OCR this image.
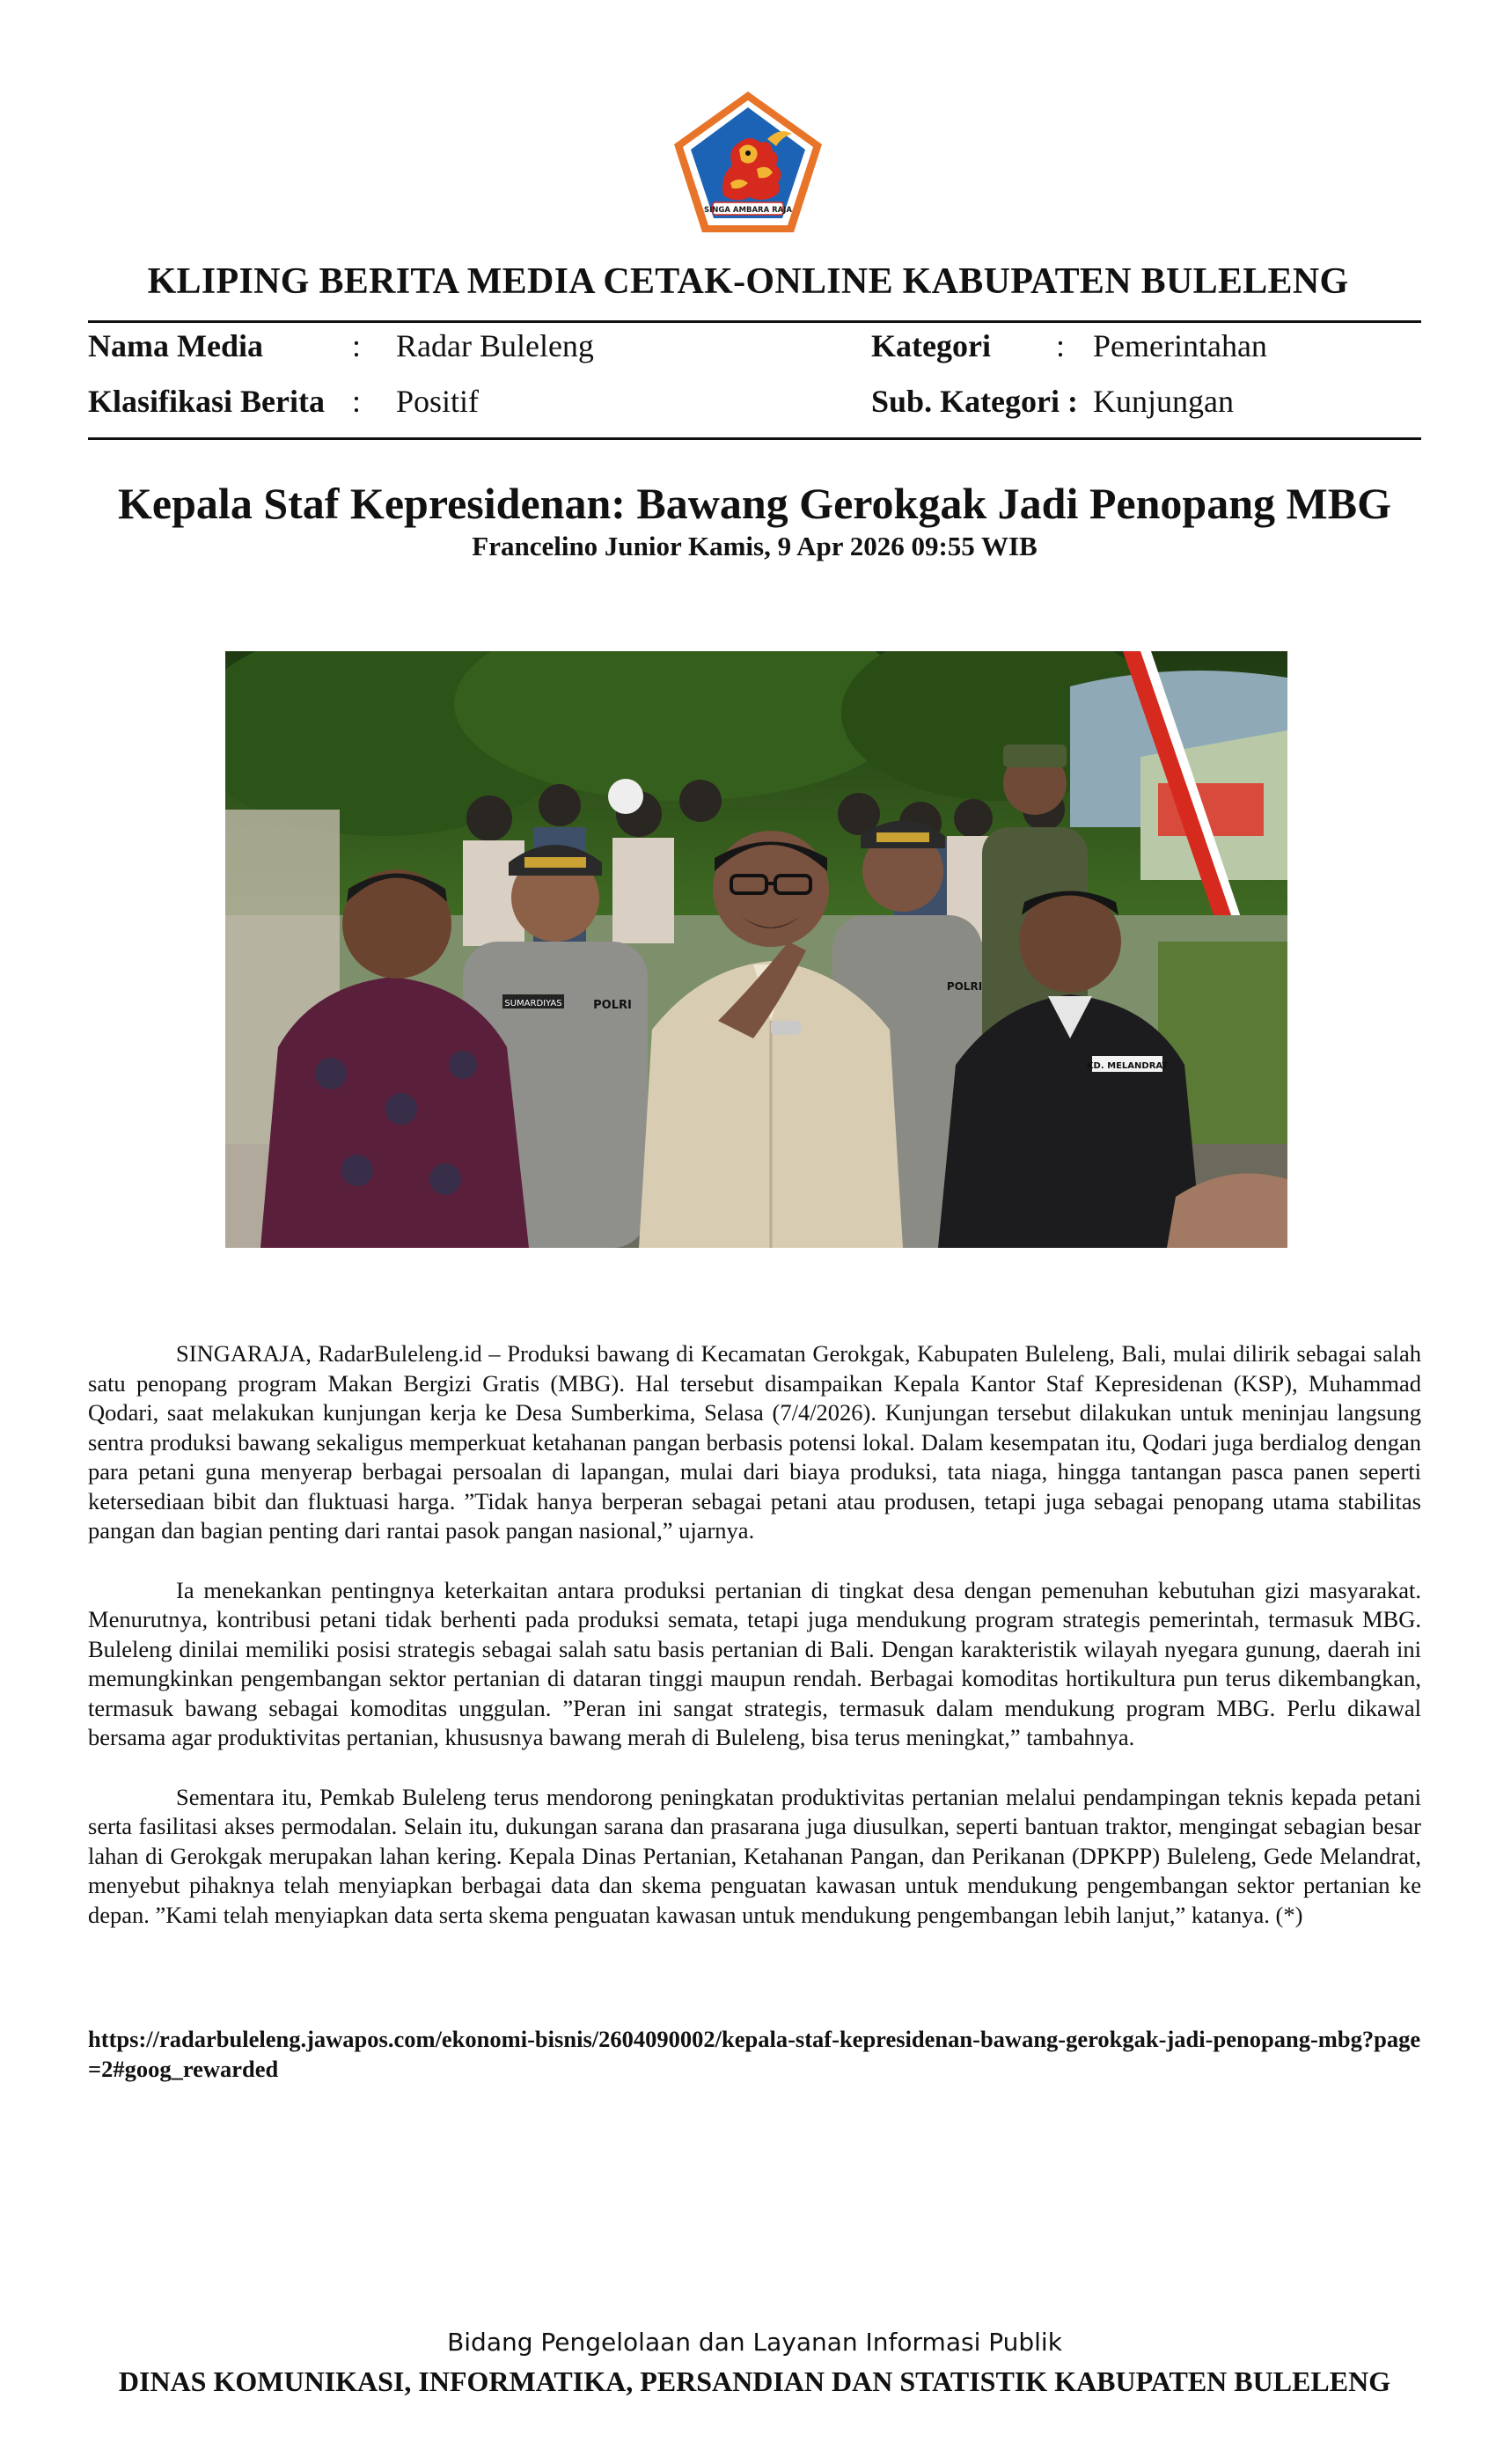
SINGA AMBARA RAJA
KLIPING BERITA MEDIA CETAK-ONLINE KABUPATEN BULELENG
Nama Media	: Radar Buleleng	Kategori : Pemerintahan
Klasifikasi Berita : Positif	Sub. Kategori : Kunjungan
Kepala Staf Kepresidenan: Bawang Gerokgak Jadi Penopang MBG
Francelino Junior Kamis, 9 Apr 2026 09:55 WIB
SUMARDIYAS	POLRI
POLRI
KD. MELANDRAT

SINGARAJA, RadarBuleleng.id – Produksi bawang di Kecamatan Gerokgak, Kabupaten Buleleng, Bali, mulai dilirik sebagai salah satu penopang program Makan Bergizi Gratis (MBG). Hal tersebut disampaikan Kepala Kantor Staf Kepresidenan (KSP), Muhammad Qodari, saat melakukan kunjungan kerja ke Desa Sumberkima, Selasa (7/4/2026). Kunjungan tersebut dilakukan untuk meninjau langsung sentra produksi bawang sekaligus memperkuat ketahanan pangan berbasis potensi lokal. Dalam kesempatan itu, Qodari juga berdialog dengan para petani guna menyerap berbagai persoalan di lapangan, mulai dari biaya produksi, tata niaga, hingga tantangan pasca panen seperti ketersediaan bibit dan fluktuasi harga. ”Tidak hanya berperan sebagai petani atau produsen, tetapi juga sebagai penopang utama stabilitas pangan dan bagian penting dari rantai pasok pangan nasional,” ujarnya.

Ia menekankan pentingnya keterkaitan antara produksi pertanian di tingkat desa dengan pemenuhan kebutuhan gizi masyarakat. Menurutnya, kontribusi petani tidak berhenti pada produksi semata, tetapi juga mendukung program strategis pemerintah, termasuk MBG. Buleleng dinilai memiliki posisi strategis sebagai salah satu basis pertanian di Bali. Dengan karakteristik wilayah nyegara gunung, daerah ini memungkinkan pengembangan sektor pertanian di dataran tinggi maupun rendah. Berbagai komoditas hortikultura pun terus dikembangkan, termasuk bawang sebagai komoditas unggulan. ”Peran ini sangat strategis, termasuk dalam mendukung program MBG. Perlu dikawal bersama agar produktivitas pertanian, khususnya bawang merah di Buleleng, bisa terus meningkat,” tambahnya.

Sementara itu, Pemkab Buleleng terus mendorong peningkatan produktivitas pertanian melalui pendampingan teknis kepada petani serta fasilitasi akses permodalan. Selain itu, dukungan sarana dan prasarana juga diusulkan, seperti bantuan traktor, mengingat sebagian besar lahan di Gerokgak merupakan lahan kering. Kepala Dinas Pertanian, Ketahanan Pangan, dan Perikanan (DPKPP) Buleleng, Gede Melandrat, menyebut pihaknya telah menyiapkan berbagai data dan skema penguatan kawasan untuk mendukung pengembangan sektor pertanian ke depan. ”Kami telah menyiapkan data serta skema penguatan kawasan untuk mendukung pengembangan lebih lanjut,” katanya. (*)

https://radarbuleleng.jawapos.com/ekonomi-bisnis/2604090002/kepala-staf-kepresidenan-bawang-gerokgak-jadi-penopang-mbg?page=2#goog_rewarded
Bidang Pengelolaan dan Layanan Informasi Publik
DINAS KOMUNIKASI, INFORMATIKA, PERSANDIAN DAN STATISTIK KABUPATEN BULELENG
